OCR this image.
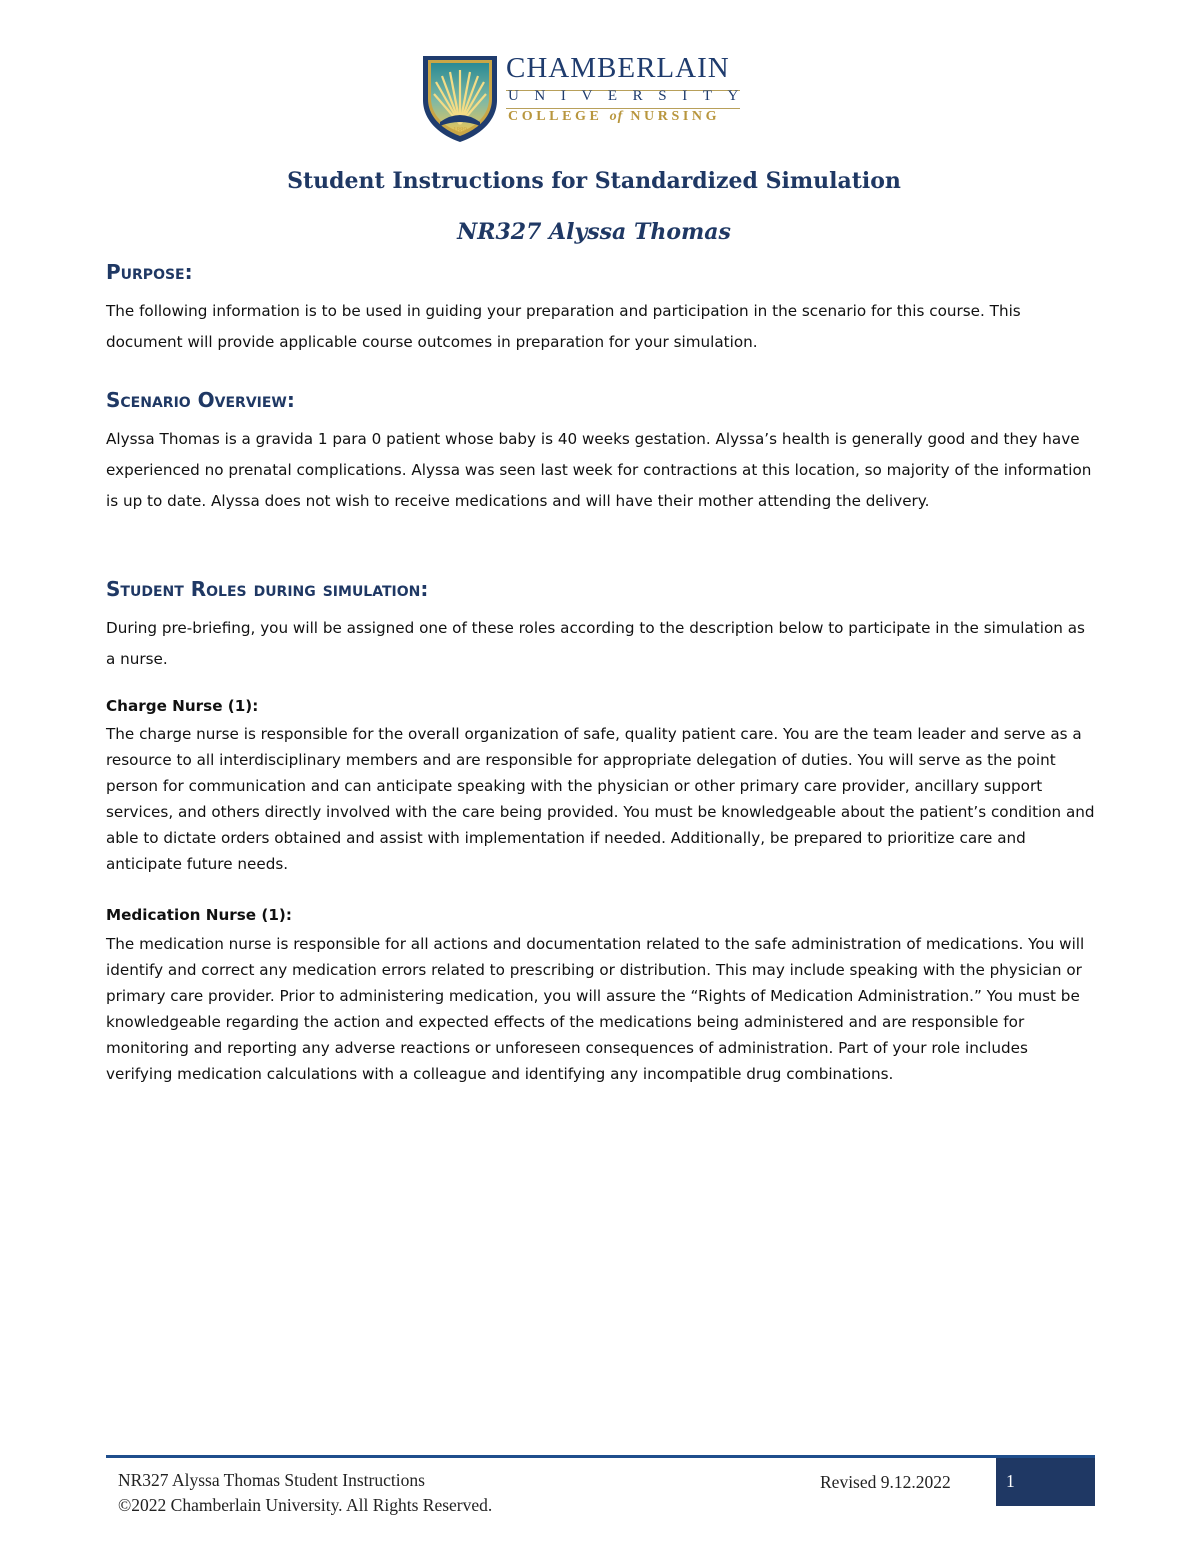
1889
CHAMBERLAIN
UNIVERSITY
COLLEGE of NURSING
Student Instructions for Standardized Simulation
NR327 Alyssa Thomas
Purpose:
The following information is to be used in guiding your preparation and participation in the scenario for this course. This document will provide applicable course outcomes in preparation for your simulation.
Scenario Overview:
Alyssa Thomas is a gravida 1 para 0 patient whose baby is 40 weeks gestation. Alyssa’s health is generally good and they have experienced no prenatal complications. Alyssa was seen last week for contractions at this location, so majority of the information is up to date. Alyssa does not wish to receive medications and will have their mother attending the delivery.
Student Roles during simulation:
During pre-briefing, you will be assigned one of these roles according to the description below to participate in the simulation as a nurse.
Charge Nurse (1):
The charge nurse is responsible for the overall organization of safe, quality patient care. You are the team leader and serve as a resource to all interdisciplinary members and are responsible for appropriate delegation of duties. You will serve as the point person for communication and can anticipate speaking with the physician or other primary care provider, ancillary support services, and others directly involved with the care being provided. You must be knowledgeable about the patient’s condition and able to dictate orders obtained and assist with implementation if needed. Additionally, be prepared to prioritize care and anticipate future needs.
Medication Nurse (1):
The medication nurse is responsible for all actions and documentation related to the safe administration of medications. You will identify and correct any medication errors related to prescribing or distribution. This may include speaking with the physician or primary care provider. Prior to administering medication, you will assure the “Rights of Medication Administration.” You must be knowledgeable regarding the action and expected effects of the medications being administered and are responsible for monitoring and reporting any adverse reactions or unforeseen consequences of administration. Part of your role includes verifying medication calculations with a colleague and identifying any incompatible drug combinations.
NR327 Alyssa Thomas Student Instructions
©2022 Chamberlain University. All Rights Reserved.
Revised 9.12.2022	1
